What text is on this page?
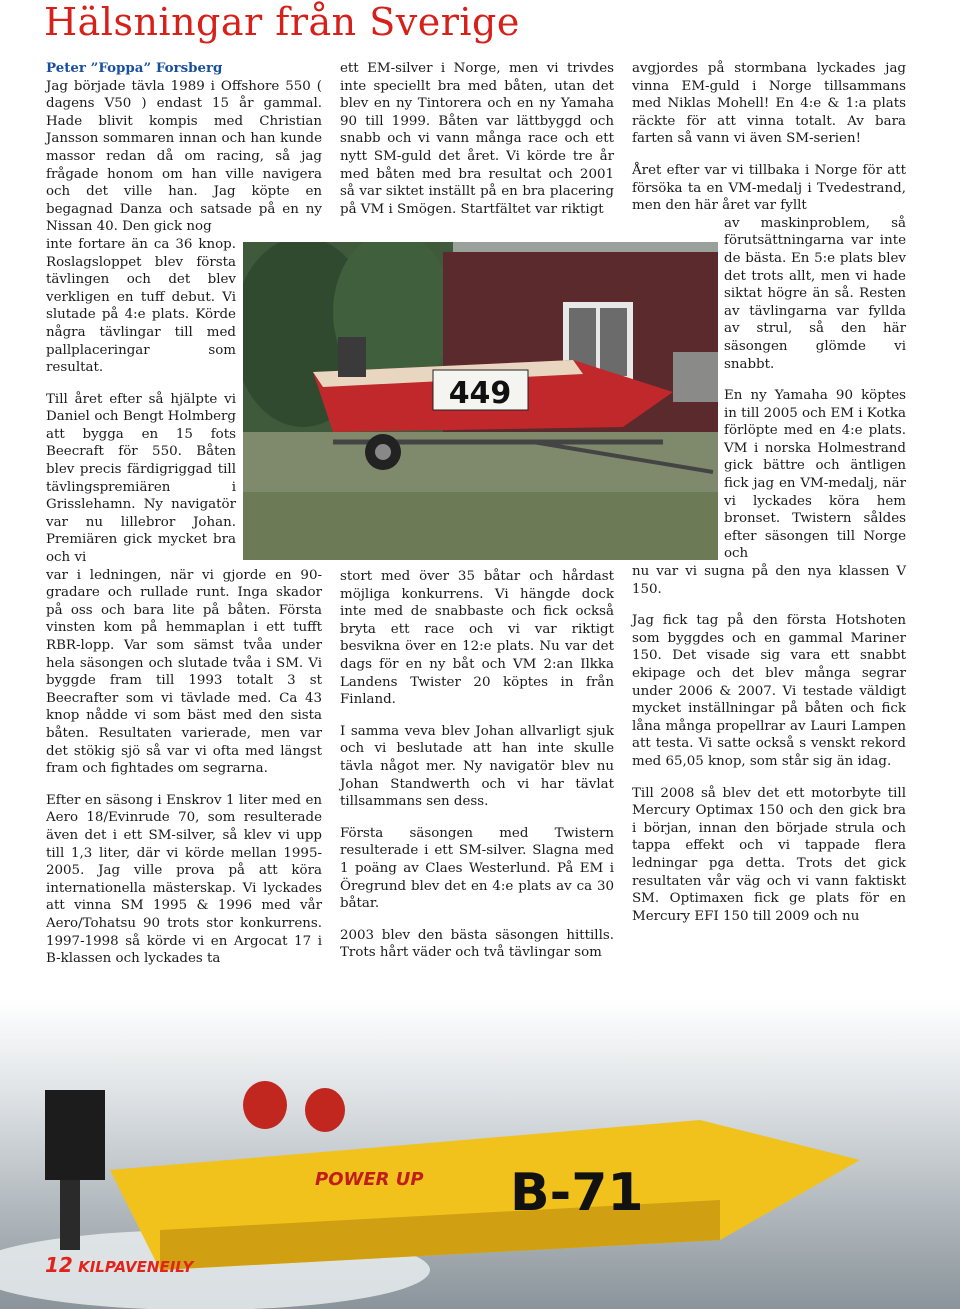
Hälsningar från Sverige

Peter ”Foppa” Forsberg

Jag började tävla 1989 i Offshore 550 ( dagens V50 ) endast 15 år gammal. Hade blivit kompis med Christian Jansson sommaren innan och han kunde massor redan då om racing, så jag frågade honom om han ville navigera och det ville han. Jag köpte en begagnad Danza och satsade på en ny Nissan 40. Den gick nog

inte fortare än ca 36 knop. Roslagsloppet blev första tävlingen och det blev verkligen en tuff debut. Vi slutade på 4:e plats. Körde några tävlingar till med pallplaceringar som resultat.

Till året efter så hjälpte vi Daniel och Bengt Holmberg att bygga en 15 fots Beecraft för 550. Båten blev precis färdigriggad till tävlingspremiären i Grisslehamn. Ny navigatör var nu lillebror Johan. Premiären gick mycket bra och vi

var i ledningen, när vi gjorde en 90-gradare och rullade runt. Inga skador på oss och bara lite på båten. Första vinsten kom på hemmaplan i ett tufft RBR-lopp. Var som sämst tvåa under hela säsongen och slutade tvåa i SM. Vi byggde fram till 1993 totalt 3 st Beecrafter som vi tävlade med. Ca 43 knop nådde vi som bäst med den sista båten. Resultaten varierade, men var det stökig sjö så var vi ofta med längst fram och fightades om segrarna.

Efter en säsong i Enskrov 1 liter med en Aero 18/Evinrude 70, som resulterade även det i ett SM-silver, så klev vi upp till 1,3 liter, där vi körde mellan 1995-2005. Jag ville prova på att köra internationella mästerskap. Vi lyckades att vinna SM 1995 & 1996 med vår Aero/Tohatsu 90 trots stor konkurrens. 1997-1998 så körde vi en Argocat 17 i B-klassen och lyckades ta

ett EM-silver i Norge, men vi trivdes inte speciellt bra med båten, utan det blev en ny Tintorera och en ny Yamaha 90 till 1999. Båten var lättbyggd och snabb och vi vann många race och ett nytt SM-guld det året. Vi körde tre år med båten med bra resultat och 2001 så var siktet inställt på en bra placering på VM i Smögen. Startfältet var riktigt

stort med över 35 båtar och hårdast möjliga konkurrens. Vi hängde dock inte med de snabbaste och fick också bryta ett race och vi var riktigt besvikna över en 12:e plats. Nu var det dags för en ny båt och VM 2:an Ilkka Landens Twister 20 köptes in från Finland.

I samma veva blev Johan allvarligt sjuk och vi beslutade att han inte skulle tävla något mer. Ny navigatör blev nu Johan Standwerth och vi har tävlat tillsammans sen dess.

Första säsongen med Twistern resulterade i ett SM-silver. Slagna med 1 poäng av Claes Westerlund. På EM i Öregrund blev det en 4:e plats av ca 30 båtar.

2003 blev den bästa säsongen hittills. Trots hårt väder och två tävlingar som

avgjordes på stormbana lyckades jag vinna EM-guld i Norge tillsammans med Niklas Mohell! En 4:e & 1:a plats räckte för att vinna totalt. Av bara farten så vann vi även SM-serien!

Året efter var vi tillbaka i Norge för att försöka ta en VM-medalj i Tvedestrand, men den här året var fyllt

av maskinproblem, så förutsättningarna var inte de bästa. En 5:e plats blev det trots allt, men vi hade siktat högre än så. Resten av tävlingarna var fyllda av strul, så den här säsongen glömde vi snabbt.

En ny Yamaha 90 köptes in till 2005 och EM i Kotka förlöpte med en 4:e plats. VM i norska Holmestrand gick bättre och äntligen fick jag en VM-medalj, när vi lyckades köra hem bronset. Twistern såldes efter säsongen till Norge och

nu var vi sugna på den nya klassen V 150.

Jag fick tag på den första Hotshoten som byggdes och en gammal Mariner 150. Det visade sig vara ett snabbt ekipage och det blev många segrar under 2006 & 2007. Vi testade väldigt mycket inställningar på båten och fick låna många propellrar av Lauri Lampen att testa. Vi satte också s venskt rekord med 65,05 knop, som står sig än idag.

Till 2008 så blev det ett motorbyte till Mercury Optimax 150 och den gick bra i början, innan den började strula och tappa effekt och vi tappade flera ledningar pga detta. Trots det gick resultaten vår väg och vi vann faktiskt SM. Optimaxen fick ge plats för en Mercury EFI 150 till 2009 och nu

449
POWER UP B-71
12 KILPAVENEILY
